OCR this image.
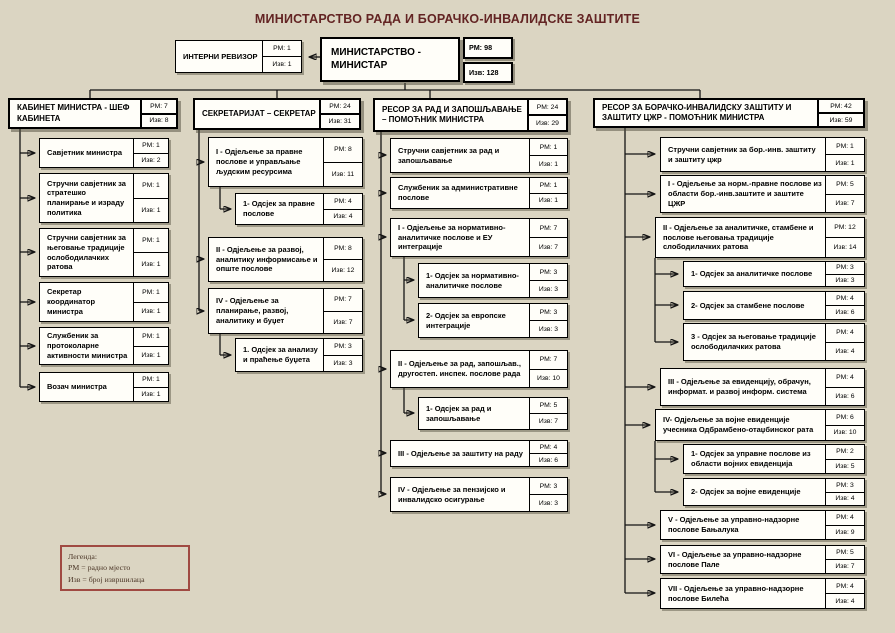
МИНИСТАРСТВО РАДА И БОРАЧКО-ИНВАЛИДСКЕ ЗАШТИТЕ
ИНТЕРНИ РЕВИЗОР
РМ: 1
Изв: 1
МИНИСТАРСТВО - МИНИСТАР
РМ: 98
Изв: 128
КАБИНЕТ МИНИСТРА - ШЕФ КАБИНЕТА
РМ: 7
Изв: 8
Савјетник министра
РМ: 1
Изв: 2
Стручни савјетник за стратешко планирање и израду политика
РМ: 1
Изв: 1
Стручни савјетник за његовање традиције ослободилачких ратова
РМ: 1
Изв: 1
Секретар координатор министра
РМ: 1
Изв: 1
Службеник за протоколарне активности министра
РМ: 1
Изв: 1
Возач министра
РМ: 1
Изв: 1
СЕКРЕТАРИЈАТ – СЕКРЕТАР
РМ: 24
Изв: 31
I - Одјељење за правне послове и управљање људским ресурсима
РМ: 8
Изв: 11
1- Одсјек за правне послове
РМ: 4
Изв: 4
II - Одјељење за развој, аналитику информисање и опште послове
РМ: 8
Изв: 12
IV - Одјељење за планирање, развој, аналитику и буџет
РМ: 7
Изв: 7
1. Одсјек за анализу и праћење буџета
РМ: 3
Изв: 3
РЕСОР ЗА РАД И ЗАПОШЉАВАЊЕ – ПОМОЋНИК МИНИСТРА
РМ: 24
Изв: 29
Стручни савјетник за рад и запошљавање
РМ: 1
Изв: 1
Службеник за административне послове
РМ: 1
Изв: 1
I - Одјељење за нормативно-аналитичке послове и ЕУ интеграције
РМ: 7
Изв: 7
1- Одсјек за нормативно-аналитичке послове
РМ: 3
Изв: 3
2- Одсјек за европске интеграције
РМ: 3
Изв: 3
II - Одјељење за рад, запошљав., другостеп. инспек. послове рада
РМ: 7
Изв: 10
1- Одсјек за рад и запошљавање
РМ: 5
Изв: 7
III - Одјељење за заштиту на раду
РМ: 4
Изв: 6
IV - Одјељење за пензијско и инвалидско осигурање
РМ: 3
Изв: 3
РЕСОР ЗА БОРАЧКО-ИНВАЛИДСКУ ЗАШТИТУ И ЗАШТИТУ ЦЖР - ПОМОЋНИК МИНИСТРА
РМ: 42
Изв: 59
Стручни савјетник за бор.-инв. заштиту и заштиту цжр
РМ: 1
Изв: 1
I - Одјељење за норм.-правне послове из области бор.-инв.заштите и заштите ЦЖР
РМ: 5
Изв: 7
II - Одјељење за аналитичке, стамбене и послове његовања традиције слободилачких ратова
РМ: 12
Изв: 14
1- Одсјек за аналитичке послове
РМ: 3
Изв: 3
2- Одсјек за стамбене послове
РМ: 4
Изв: 6
3 - Одсјек за његовање традиције ослободилачких ратова
РМ: 4
Изв: 4
III - Одјељење за евиденцију, обрачун, информат. и развој информ. система
РМ: 4
Изв: 6
IV- Одјељење за војне евиденције учесника Одбрамбено-отаџбинског рата
РМ: 6
Изв: 10
1- Одсјек за управне послове из области војних евиденција
РМ: 2
Изв: 5
2- Одсјек за војне евиденције
РМ: 3
Изв: 4
V - Одјељење за управно-надзорне послове Бањалука
РМ: 4
Изв: 9
VI - Одјељење за управно-надзорне послове Пале
РМ: 5
Изв: 7
VII - Одјељење за управно-надзорне послове Билећа
РМ: 4
Изв: 4
Легенда:
РМ = радно мјесто
Изв = број извршилаца
